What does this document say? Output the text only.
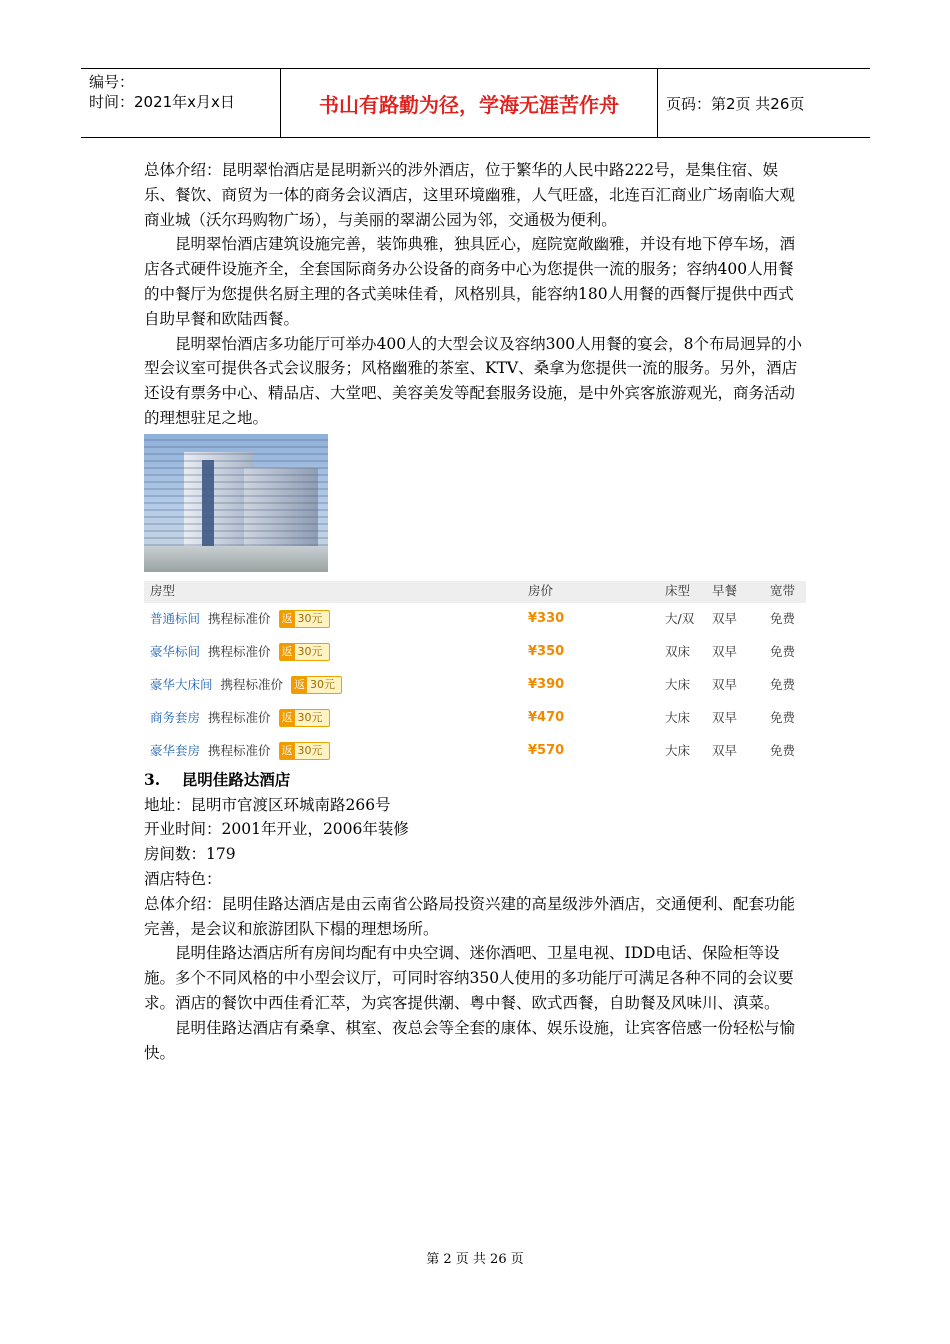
编号：
时间：2021年x月x日	书山有路勤为径，学海无涯苦作舟	页码：第2页 共26页

总体介绍：昆明翠怡酒店是昆明新兴的涉外酒店，位于繁华的人民中路222号，是集住宿、娱乐、餐饮、商贸为一体的商务会议酒店，这里环境幽雅，人气旺盛，北连百汇商业广场南临大观商业城（沃尔玛购物广场），与美丽的翠湖公园为邻，交通极为便利。

昆明翠怡酒店建筑设施完善，装饰典雅，独具匠心，庭院宽敞幽雅，并设有地下停车场，酒店各式硬件设施齐全，全套国际商务办公设备的商务中心为您提供一流的服务；容纳400人用餐的中餐厅为您提供名厨主理的各式美味佳肴，风格别具，能容纳180人用餐的西餐厅提供中西式自助早餐和欧陆西餐。

昆明翠怡酒店多功能厅可举办400人的大型会议及容纳300人用餐的宴会，8个布局迥异的小型会议室可提供各式会议服务；风格幽雅的茶室、KTV、桑拿为您提供一流的服务。另外，酒店还设有票务中心、精品店、大堂吧、美容美发等配套服务设施，是中外宾客旅游观光，商务活动的理想驻足之地。

房型	房价	床型	早餐	宽带
普通标间 携程标准价 返 30元	¥330	大/双	双早	免费
豪华标间 携程标准价 返 30元	¥350	双床	双早	免费
豪华大床间 携程标准价 返 30元	¥390	大床	双早	免费
商务套房 携程标准价 返 30元	¥470	大床	双早	免费
豪华套房 携程标准价 返 30元	¥570	大床	双早	免费

3.    昆明佳路达酒店

地址：昆明市官渡区环城南路266号

开业时间：2001年开业，2006年装修

房间数：179

酒店特色：

总体介绍：昆明佳路达酒店是由云南省公路局投资兴建的高星级涉外酒店，交通便利、配套功能完善，是会议和旅游团队下榻的理想场所。

昆明佳路达酒店所有房间均配有中央空调、迷你酒吧、卫星电视、IDD电话、保险柜等设施。多个不同风格的中小型会议厅，可同时容纳350人使用的多功能厅可满足各种不同的会议要求。酒店的餐饮中西佳肴汇萃，为宾客提供潮、粤中餐、欧式西餐，自助餐及风味川、滇菜。

昆明佳路达酒店有桑拿、棋室、夜总会等全套的康体、娱乐设施，让宾客倍感一份轻松与愉快。

第 2 页 共 26 页
